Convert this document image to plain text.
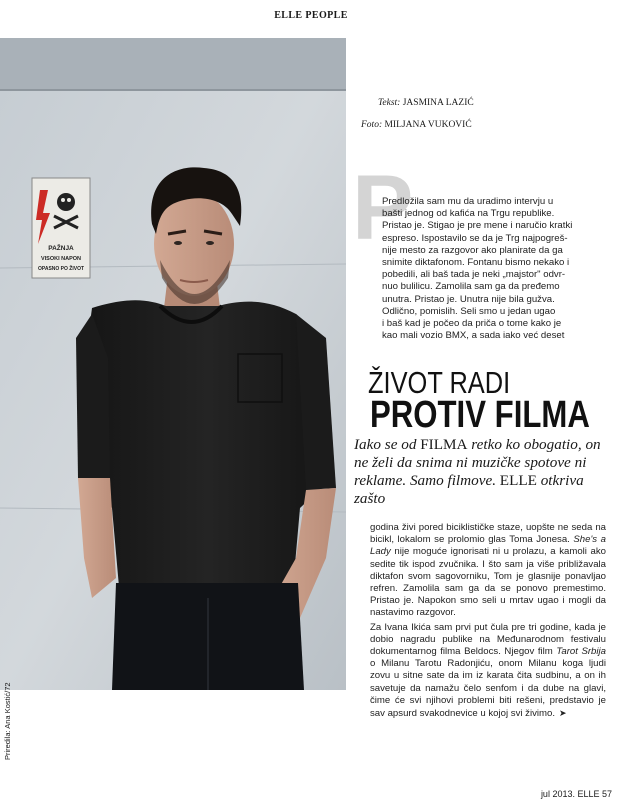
ELLE PEOPLE
PAŽNJA
VISOKI NAPON
OPASNO PO ŽIVOT
Priredila: Ana Kostić/72
Tekst: JASMINA LAZIĆ
Foto: MILJANA VUKOVIĆ
P
Predložila sam mu da uradimo intervju u
bašti jednog od kafića na Trgu republike.
Pristao je. Stigao je pre mene i naručio kratki
espreso. Ispostavilo se da je Trg najpogreš-
nije mesto za razgovor ako planirate da ga
snimite diktafonom. Fontanu bismo nekako i
pobedili, ali baš tada je neki „majstor" odvr-
nuo bulilicu. Zamolila sam ga da pređemo
unutra. Pristao je. Unutra nije bila gužva.
Odlično, pomislih. Seli smo u jedan ugao
i baš kad je počeo da priča o tome kako je
kao mali vozio BMX, a sada iako već deset
ŽIVOT RADI
PROTIV FILMA
Iako se od FILMA retko ko obogatio, on ne želi da snima ni muzičke spotove ni reklame. Samo filmove. ELLE otkriva zašto

godina živi pored biciklističke staze, uopšte ne seda na bicikl, lokalom se prolomio glas Toma Jonesa. She's a Lady nije moguće ignorisati ni u prolazu, a kamoli ako sedite tik ispod zvučnika. I što sam ja više približavala diktafon svom sagovorniku, Tom je glasnije ponavljao refren. Zamolila sam ga da se ponovo premestimo. Pristao je. Napokon smo seli u mrtav ugao i mogli da nastavimo razgovor.

Za Ivana Ikića sam prvi put čula pre tri godine, kada je dobio nagradu publike na Međunarodnom festivalu dokumentarnog filma Beldocs. Njegov film Tarot Srbija o Milanu Tarotu Radonjiću, onom Milanu koga ljudi zovu u sitne sate da im iz karata čita sudbinu, a on ih savetuje da namažu čelo senfom i da dube na glavi, čime će svi njihovi problemi biti rešeni, predstavio je sav apsurd svakodnevice u kojoj svi živimo. ➤

jul 2013. ELLE 57
